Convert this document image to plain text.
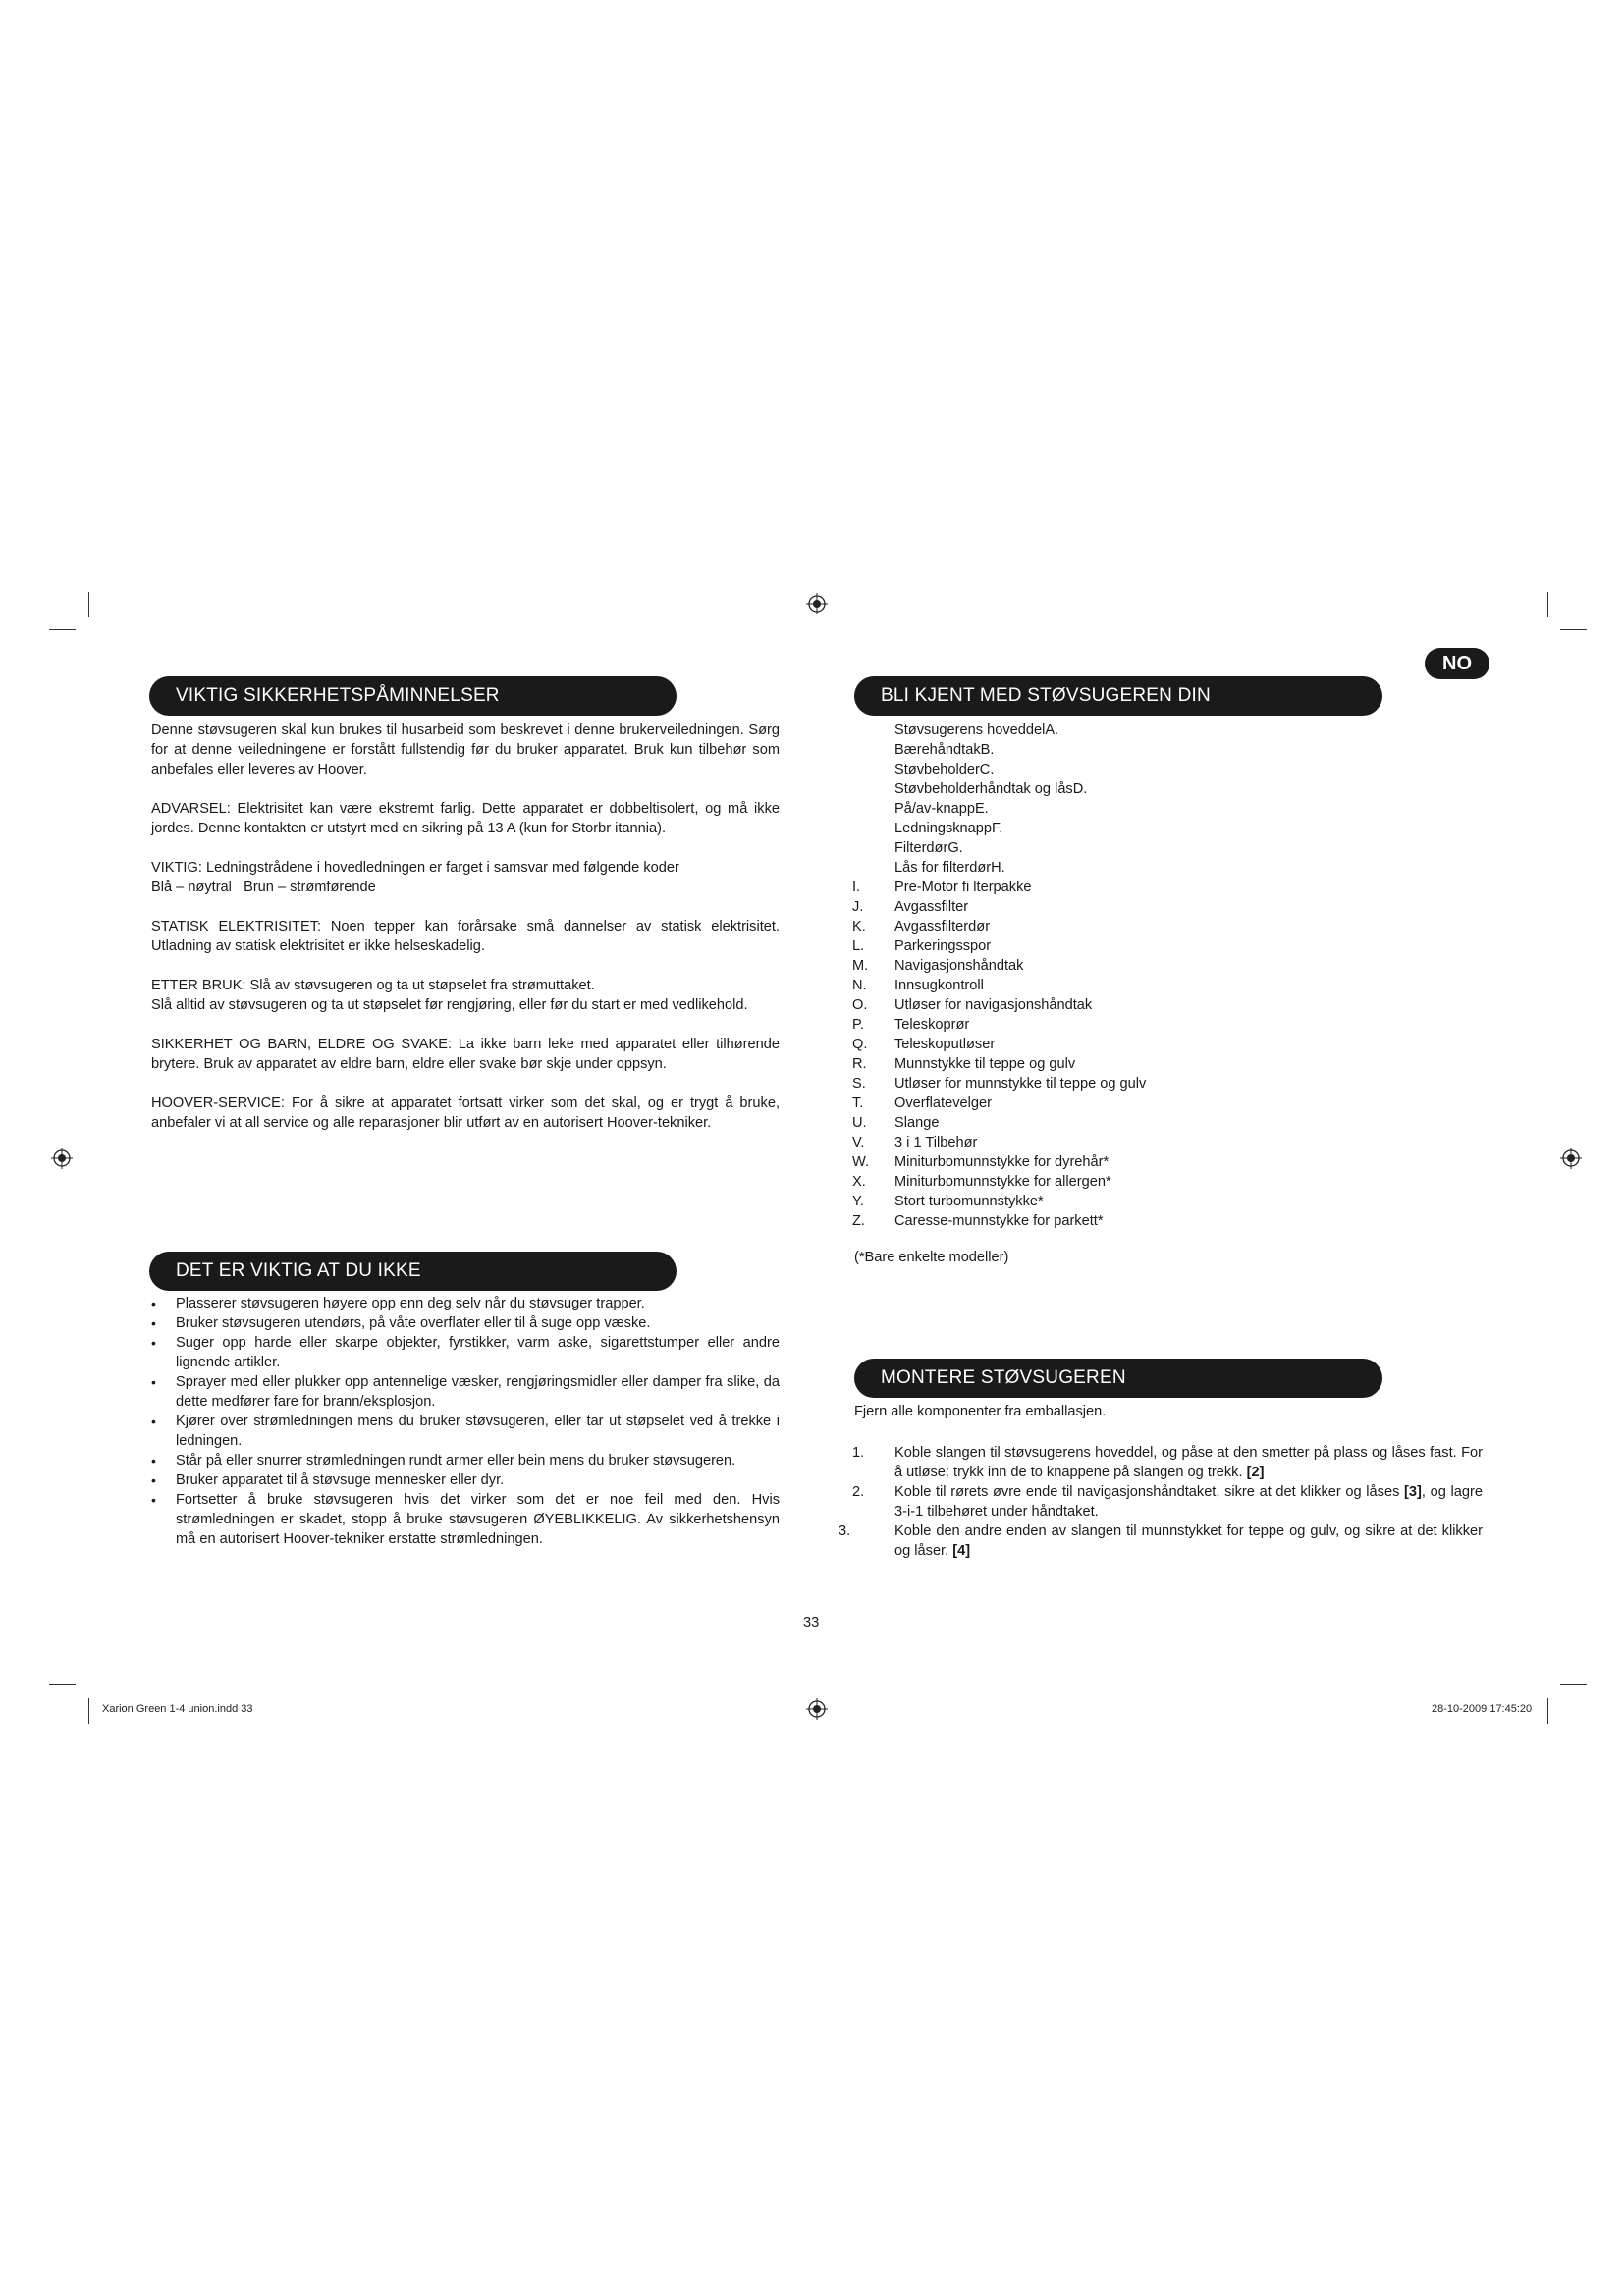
NO
VIKTIG SIKKERHETSPÅMINNELSER

Denne støvsugeren skal kun brukes til husarbeid som beskrevet i denne brukerveiledningen. Sørg for at denne veiledningene er forstått fullstendig før du bruker apparatet. Bruk kun tilbehør som anbefales eller leveres av Hoover.

ADVARSEL: Elektrisitet kan være ekstremt farlig. Dette apparatet er dobbeltisolert, og må ikke jordes. Denne kontakten er utstyrt med en sikring på 13 A (kun for Storbr itannia).

VIKTIG: Ledningstrådene i hovedledningen er farget i samsvar med følgende koder
Blå – nøytral   Brun – strømførende

STATISK ELEKTRISITET: Noen tepper kan forårsake små dannelser av statisk elektrisitet. Utladning av statisk elektrisitet er ikke helseskadelig.

ETTER BRUK: Slå av støvsugeren og ta ut støpselet fra strømuttaket.
Slå alltid av støvsugeren og ta ut støpselet før rengjøring, eller før du start er med vedlikehold.

SIKKERHET OG BARN, ELDRE OG SVAKE: La ikke barn leke med apparatet eller tilhørende brytere. Bruk av apparatet av eldre barn, eldre eller svake bør skje under oppsyn.

HOOVER-SERVICE: For å sikre at apparatet fortsatt virker som det skal, og er trygt å bruke, anbefaler vi at all service og alle reparasjoner blir utført av en autorisert Hoover-tekniker.

DET ER VIKTIG AT DU IKKE
• Plasserer støvsugeren høyere opp enn deg selv når du støvsuger trapper.
• Bruker støvsugeren utendørs, på våte overflater eller til å suge opp væske.
• Suger opp harde eller skarpe objekter, fyrstikker, varm aske, sigarettstumper eller andre lignende artikler.
• Sprayer med eller plukker opp antennelige væsker, rengjøringsmidler eller damper fra slike, da dette medfører fare for brann/eksplosjon.
• Kjører over strømledningen mens du bruker støvsugeren, eller tar ut støpselet ved å trekke i ledningen.
• Står på eller snurrer strømledningen rundt armer eller bein mens du bruker støvsugeren.
• Bruker apparatet til å støvsuge mennesker eller dyr.
• Fortsetter å bruke støvsugeren hvis det virker som det er noe feil med den. Hvis strømledningen er skadet, stopp å bruke støvsugeren ØYEBLIKKELIG. Av sikkerhetshensyn må en autorisert Hoover-tekniker erstatte strømledningen.
BLI KJENT MED STØVSUGEREN DIN
Støvsugerens hoveddelA.
BærehåndtakB.
StøvbeholderC.
Støvbeholderhåndtak og låsD.
På/av-knappE.
LedningsknappF.
FilterdørG.
Lås for filterdørH.
I. Pre-Motor fi lterpakke
J. Avgassfilter
K. Avgassfilterdør
L. Parkeringsspor
M. Navigasjonshåndtak
N. Innsugkontroll
O. Utløser for navigasjonshåndtak
P. Teleskoprør
Q. Teleskoputløser
R. Munnstykke til teppe og gulv
S. Utløser for munnstykke til teppe og gulv
T. Overflatevelger
U. Slange
V. 3 i 1 Tilbehør
W. Miniturbomunnstykke for dyrehår*
X. Miniturbomunnstykke for allergen*
Y. Stort turbomunnstykke*
Z. Caresse-munnstykke for parkett*
(*Bare enkelte modeller)
MONTERE STØVSUGEREN
Fjern alle komponenter fra emballasjen.
1. Koble slangen til støvsugerens hoveddel, og påse at den smetter på plass og låses fast. For å utløse: trykk inn de to knappene på slangen og trekk. [2]
2. Koble til rørets øvre ende til navigasjonshåndtaket, sikre at det klikker og låses [3], og lagre 3-i-1 tilbehøret under håndtaket.
3.	Koble den andre enden av slangen til munnstykket for teppe og gulv, og sikre at det klikker og låser. [4]
33
Xarion Green 1-4 union.indd 33	28-10-2009 17:45:20
